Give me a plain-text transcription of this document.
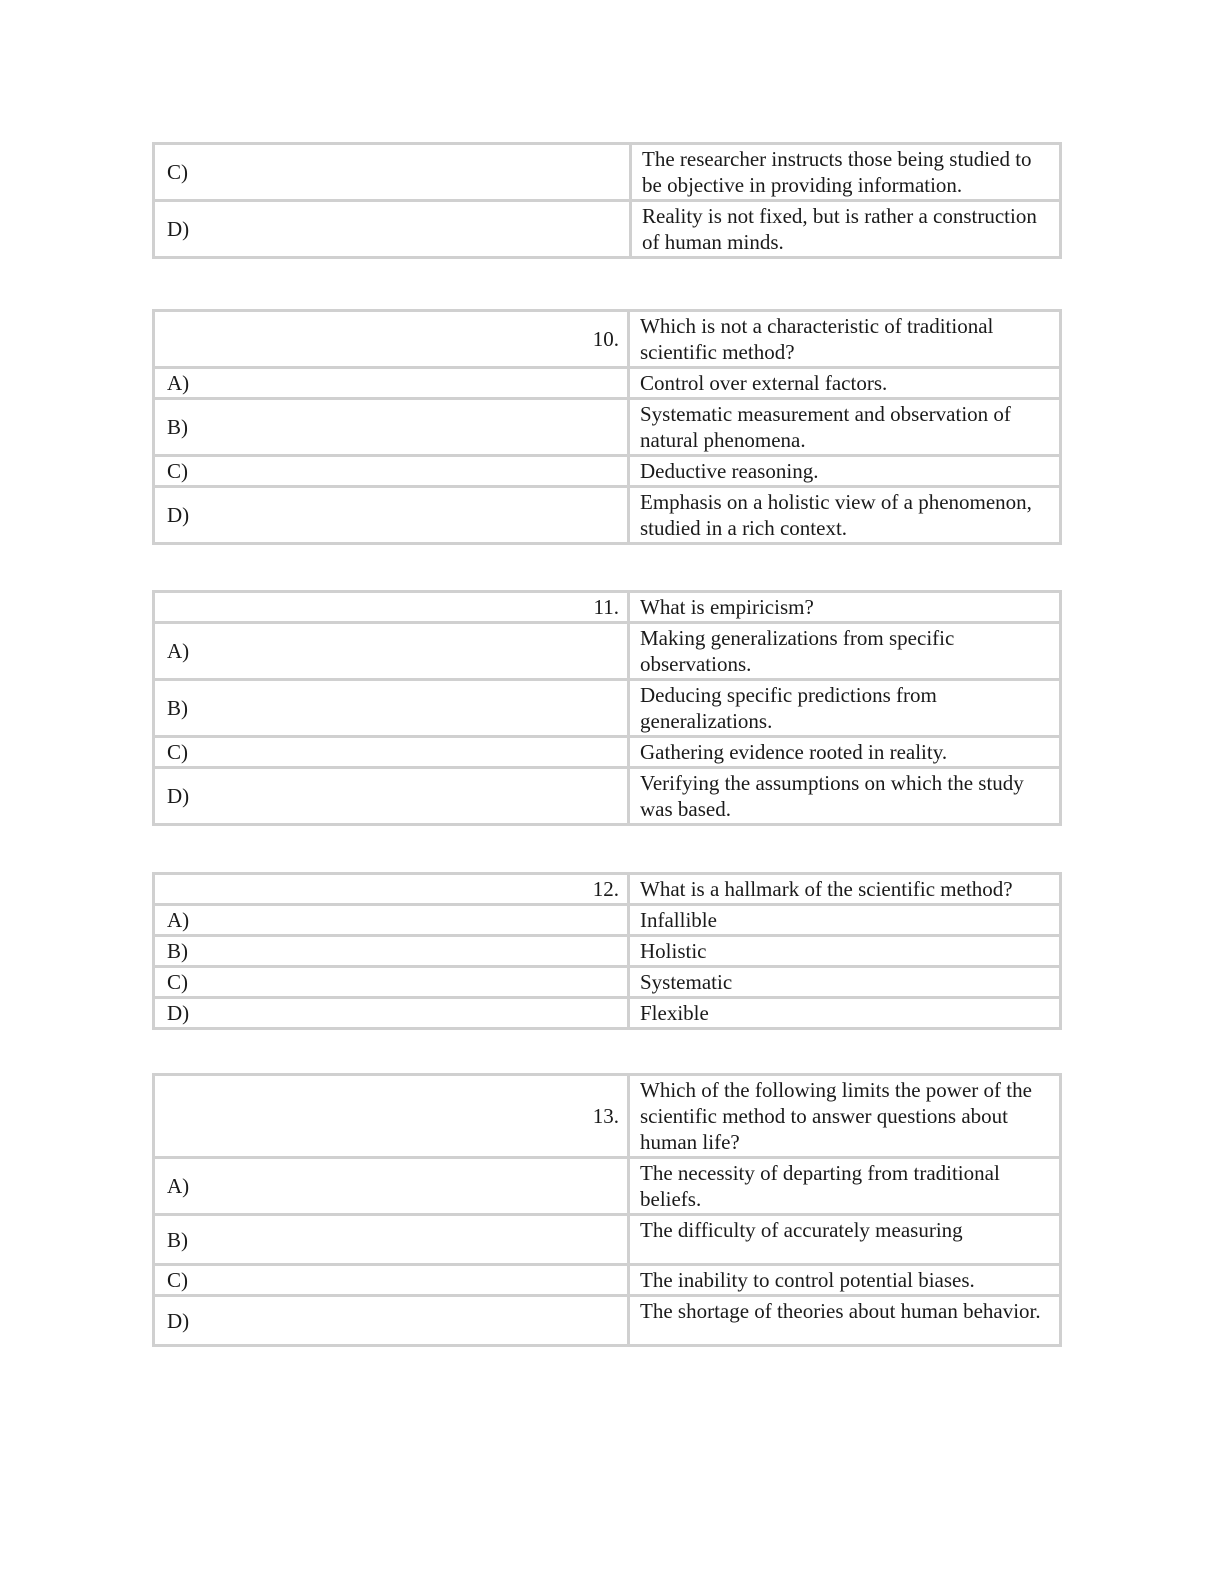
C)	The researcher instructs those being studied to be objective in providing information.
D)	Reality is not fixed, but is rather a construction of human minds.
10.	Which is not a characteristic of traditional scientific method?
A)	Control over external factors.
B)	Systematic measurement and observation of natural phenomena.
C)	Deductive reasoning.
D)	Emphasis on a holistic view of a phenomenon, studied in a rich context.
11.	What is empiricism?
A)	Making generalizations from specific observations.
B)	Deducing specific predictions from generalizations.
C)	Gathering evidence rooted in reality.
D)	Verifying the assumptions on which the study was based.
12.	What is a hallmark of the scientific method?
A)	Infallible
B)	Holistic
C)	Systematic
D)	Flexible
13.	Which of the following limits the power of the scientific method to answer questions about human life?
A)	The necessity of departing from traditional beliefs.
B)	The difficulty of accurately measuring
C)	The inability to control potential biases.
D)	The shortage of theories about human behavior.
